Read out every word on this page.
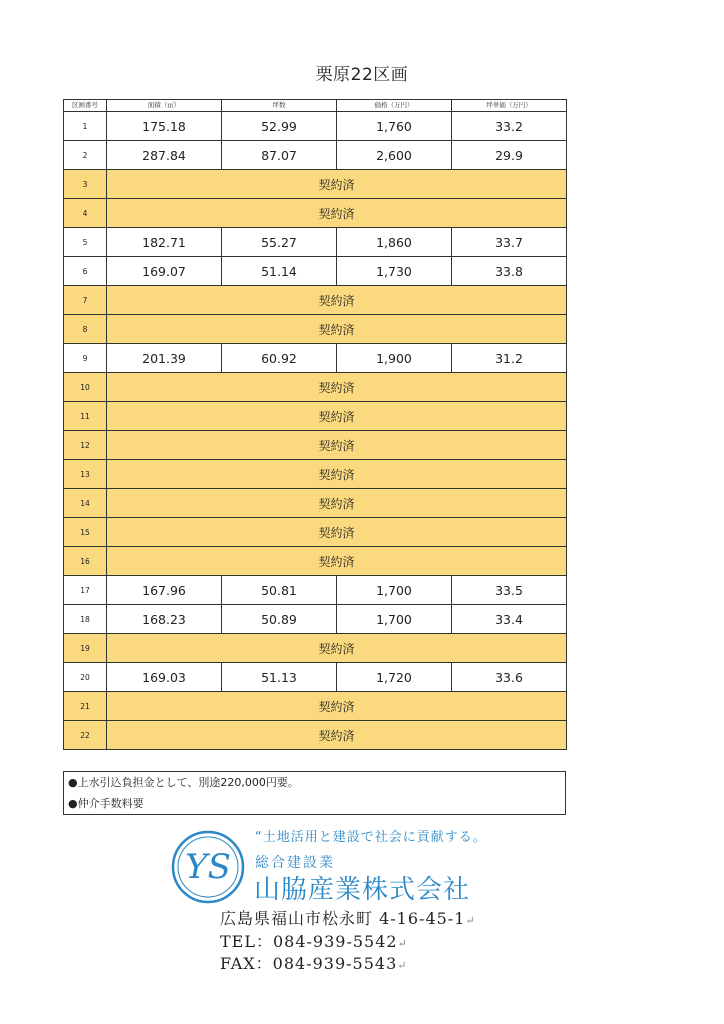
栗原22区画
区画番号	面積（㎡）	坪数	価格（万円）	坪単価（万円）
1	175.18	52.99	1,760	33.2
2	287.84	87.07	2,600	29.9
3	契約済			
4	契約済			
5	182.71	55.27	1,860	33.7
6	169.07	51.14	1,730	33.8
7	契約済			
8	契約済			
9	201.39	60.92	1,900	31.2
10	契約済			
11	契約済			
12	契約済			
13	契約済			
14	契約済			
15	契約済			
16	契約済			
17	167.96	50.81	1,700	33.5
18	168.23	50.89	1,700	33.4
19	契約済			
20	169.03	51.13	1,720	33.6
21	契約済			
22	契約済			
●上水引込負担金として、別途220,000円要。
●仲介手数料要
YS
“土地活用と建設で社会に貢献する。
総合建設業
山脇産業株式会社
広島県福山市松永町 4-16-45-1↵
TEL：084-939-5542↵
FAX：084-939-5543↵
